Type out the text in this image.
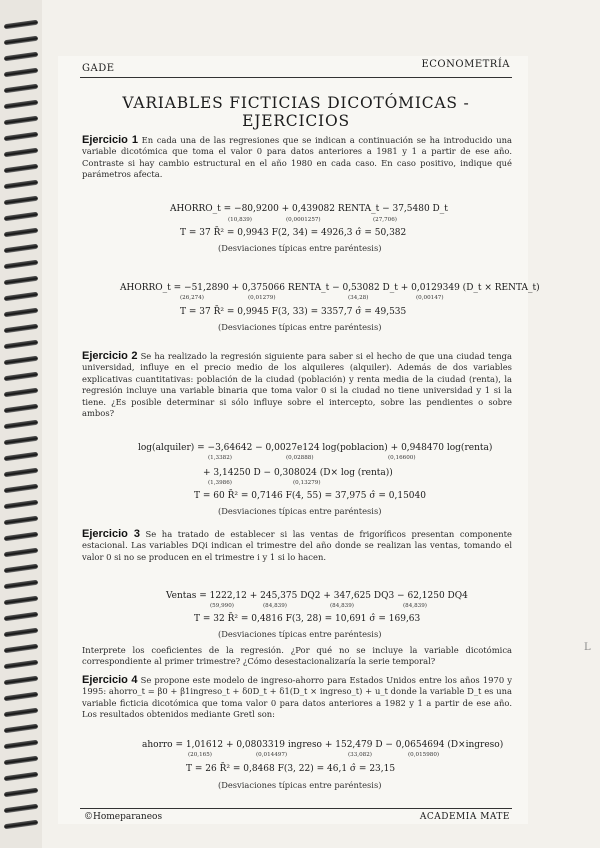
L
GADE	ECONOMETRÍA
VARIABLES FICTICIAS DICOTÓMICAS - EJERCICIOS
Ejercicio 1 En cada una de las regresiones que se indican a continuación se ha introducido una variable dicotómica que toma el valor 0 para datos anteriores a 1981 y 1 a partir de ese año. Contraste si hay cambio estructural en el año 1980 en cada caso. En caso positivo, indique qué parámetros afecta.
AHORRO_t = −80,9200 + 0,439082 RENTA_t − 37,5480 D_t
(10,839)	(0,0001257)	(27,706)
T = 37 R̄² = 0,9943 F(2, 34) = 4926,3 σ̂ = 50,382
(Desviaciones típicas entre paréntesis)
AHORRO_t = −51,2890 + 0,375066 RENTA_t − 0,53082 D_t + 0,0129349 (D_t × RENTA_t)
(26,274)	(0,01279)	(34,28)	(0,00147)
T = 37 R̄² = 0,9945 F(3, 33) = 3357,7 σ̂ = 49,535
(Desviaciones típicas entre paréntesis)
Ejercicio 2 Se ha realizado la regresión siguiente para saber si el hecho de que una ciudad tenga universidad, influye en el precio medio de los alquileres (alquiler). Además de dos variables explicativas cuantitativas: población de la ciudad (población) y renta media de la ciudad (renta), la regresión incluye una variable binaria que toma valor 0 si la ciudad no tiene universidad y 1 si la tiene. ¿Es posible determinar si sólo influye sobre el intercepto, sobre las pendientes o sobre ambos?
log(alquiler) = −3,64642 − 0,0027e124 log(poblacion) + 0,948470 log(renta)
(1,3382)	(0,02888)	(0,16600)
+ 3,14250 D − 0,308024 (D× log (renta))
(1,3986)	(0,13279)
T = 60 R̄² = 0,7146 F(4, 55) = 37,975 σ̂ = 0,15040
(Desviaciones típicas entre paréntesis)
Ejercicio 3 Se ha tratado de establecer si las ventas de frigoríficos presentan componente estacional. Las variables DQi indican el trimestre del año donde se realizan las ventas, tomando el valor 0 si no se producen en el trimestre i y 1 si lo hacen.
Ventas = 1222,12 + 245,375 DQ2 + 347,625 DQ3 − 62,1250 DQ4
(59,990)	(84,839)	(84,839)	(84,839)
T = 32 R̄² = 0,4816 F(3, 28) = 10,691 σ̂ = 169,63
(Desviaciones típicas entre paréntesis)
Interprete los coeficientes de la regresión. ¿Por qué no se incluye la variable dicotómica correspondiente al primer trimestre? ¿Cómo desestacionalizaría la serie temporal?
Ejercicio 4 Se propone este modelo de ingreso-ahorro para Estados Unidos entre los años 1970 y 1995: ahorro_t = β0 + β1ingreso_t + δ0D_t + δ1(D_t × ingreso_t) + u_t donde la variable D_t es una variable ficticia dicotómica que toma valor 0 para datos anteriores a 1982 y 1 a partir de ese año. Los resultados obtenidos mediante Gretl son:
ahorro = 1,01612 + 0,0803319 ingreso + 152,479 D − 0,0654694 (D×ingreso)
(20,165)	(0,014497)	(33,082)	(0,015980)
T = 26 R̄² = 0,8468 F(3, 22) = 46,1 σ̂ = 23,15
(Desviaciones típicas entre paréntesis)
©Homeparaneos	ACADEMIA MATE
